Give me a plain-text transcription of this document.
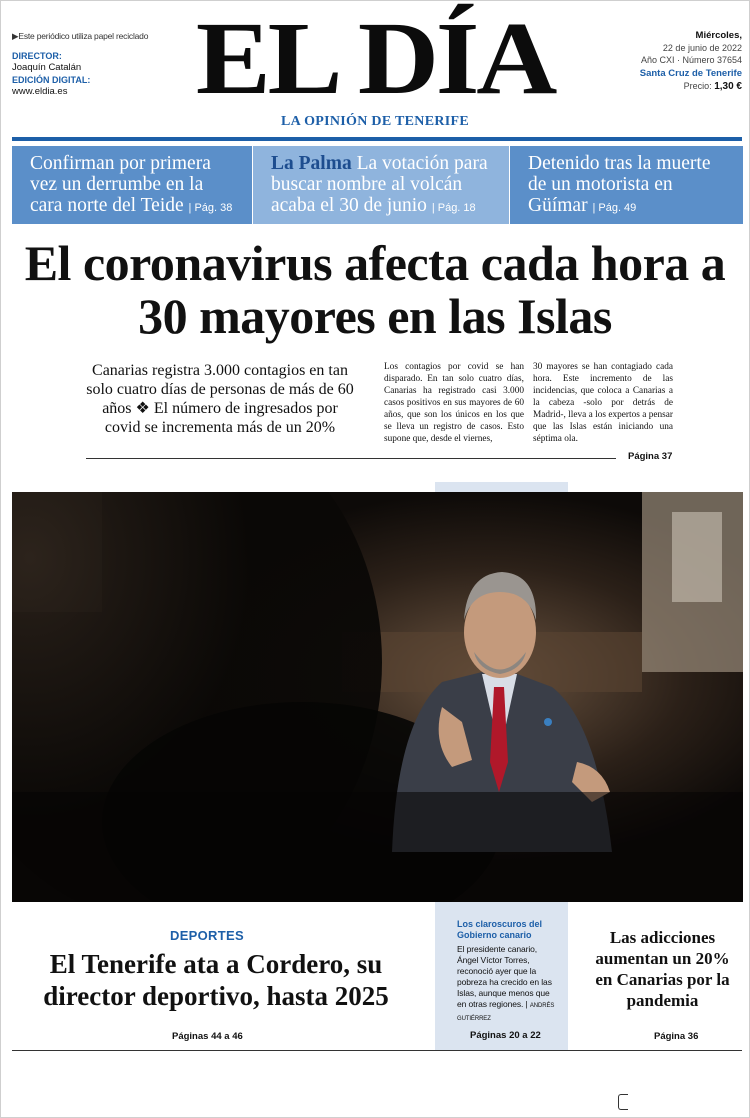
▶Este periódico utiliza papel reciclado
DIRECTOR:
Joaquín Catalán
EDICIÓN DIGITAL:
www.eldia.es	EL DÍA
LA OPINIÓN DE TENERIFE
Miércoles,
22 de junio de 2022
Año CXI · Número 37654
Santa Cruz de Tenerife
Precio: 1,30 €
Confirman por primera vez un derrumbe en la cara norte del Teide | Pág. 38
La Palma La votación para buscar nombre al volcán acaba el 30 de junio | Pág. 18
Detenido tras la muerte de un motorista en Güímar | Pág. 49
El coronavirus afecta cada hora a 30 mayores en las Islas
Canarias registra 3.000 contagios en tan solo cuatro días de personas de más de 60 años ❖ El número de ingresados por covid se incrementa más de un 20%
Los contagios por covid se han disparado. En tan solo cuatro días, Canarias ha registrado casi 3.000 casos positivos en sus mayores de 60 años, que son los únicos en los que se lleva un registro de casos. Esto supone que, desde el viernes,
30 mayores se han contagiado cada hora. Este incremento de las incidencias, que coloca a Canarias a la cabeza -solo por detrás de Madrid-, lleva a los expertos a pensar que las Islas están iniciando una séptima ola.
Página 37
DEPORTES
El Tenerife ata a Cordero, su director deportivo, hasta 2025
Páginas 44 a 46
Los claroscuros del Gobierno canario
El presidente canario, Ángel Víctor Torres, reconoció ayer que la pobreza ha crecido en las Islas, aunque menos que en otras regiones. | ANDRÉS GUTIÉRREZ
Páginas 20 a 22
Las adicciones aumentan un 20% en Canarias por la pandemia
Página 36
